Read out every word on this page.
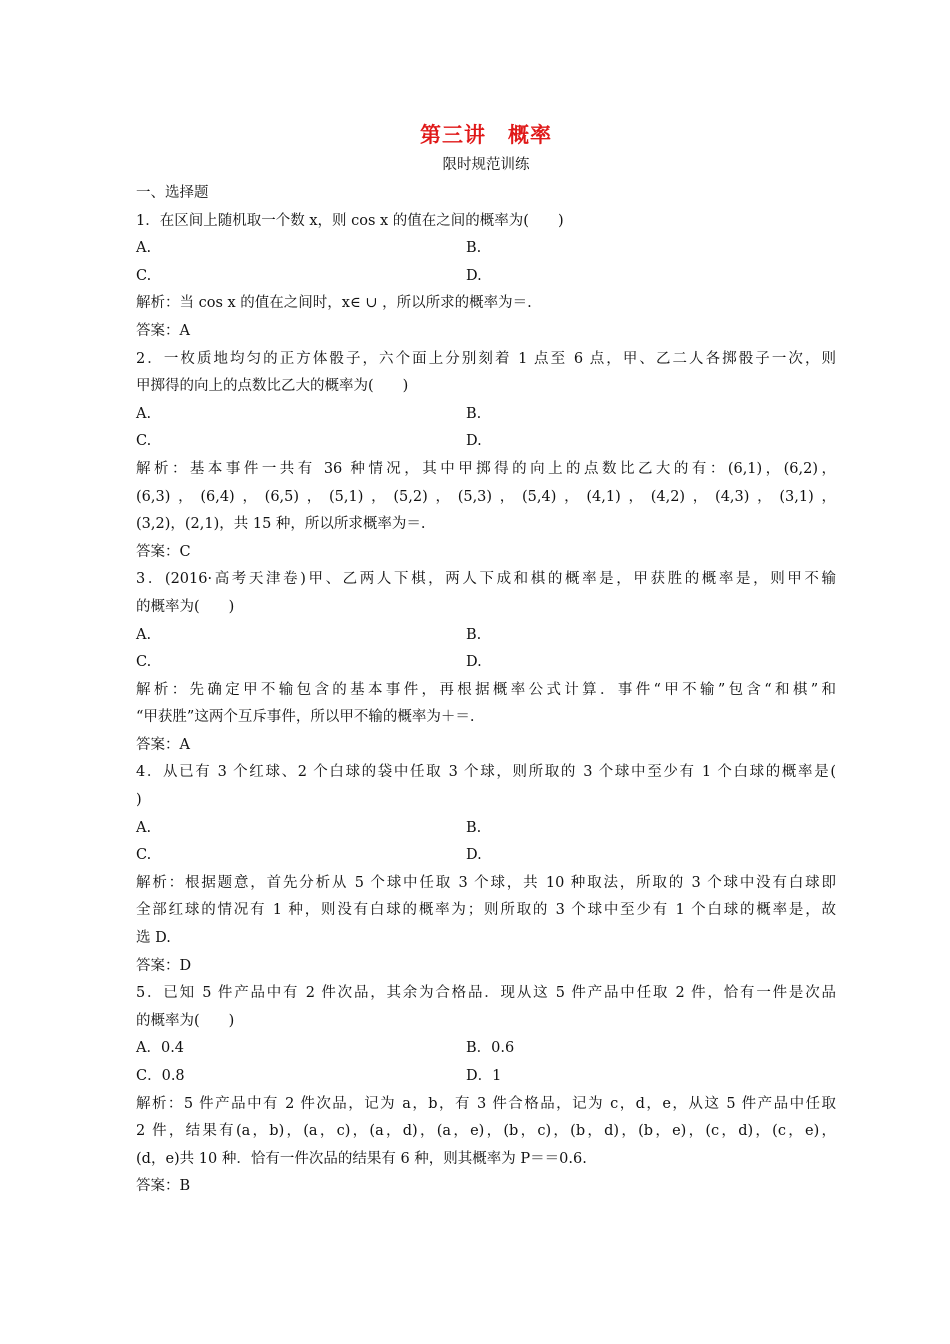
第三讲 概率
限时规范训练
一、选择题
1．在区间上随机取一个数 x，则 cos x 的值在之间的概率为(　　)
A.	B.
C.	D.
解析：当 cos x 的值在之间时，x∈ ∪ ，所以所求的概率为＝.
答案：A
2．一枚质地均匀的正方体骰子，六个面上分别刻着 1 点至 6 点，甲、乙二人各掷骰子一次，则
甲掷得的向上的点数比乙大的概率为(　　)
A.	B.
C.	D.
解析：基本事件一共有 36 种情况，其中甲掷得的向上的点数比乙大的有：(6,1)，(6,2)，
(6,3)，(6,4)，(6,5)，(5,1)，(5,2)，(5,3)，(5,4)，(4,1)，(4,2)，(4,3)，(3,1)，
(3,2)，(2,1)，共 15 种，所以所求概率为＝.
答案：C
3．(2016·高考天津卷)甲、乙两人下棋，两人下成和棋的概率是，甲获胜的概率是，则甲不输
的概率为(　　)
A.	B.
C.	D.
解析：先确定甲不输包含的基本事件，再根据概率公式计算．事件“甲不输”包含“和棋”和
“甲获胜”这两个互斥事件，所以甲不输的概率为＋＝.
答案：A
4．从已有 3 个红球、2 个白球的袋中任取 3 个球，则所取的 3 个球中至少有 1 个白球的概率是(
)
A.	B.
C.	D.
解析：根据题意，首先分析从 5 个球中任取 3 个球，共 10 种取法，所取的 3 个球中没有白球即
全部红球的情况有 1 种，则没有白球的概率为；则所取的 3 个球中至少有 1 个白球的概率是，故
选 D.
答案：D
5．已知 5 件产品中有 2 件次品，其余为合格品．现从这 5 件产品中任取 2 件，恰有一件是次品
的概率为(　　)
A．0.4	B．0.6
C．0.8	D．1
解析：5 件产品中有 2 件次品，记为 a，b，有 3 件合格品，记为 c，d，e，从这 5 件产品中任取
2 件，结果有(a，b)，(a，c)，(a，d)，(a，e)，(b，c)，(b，d)，(b，e)，(c，d)，(c，e)，
(d，e)共 10 种．恰有一件次品的结果有 6 种，则其概率为 P＝＝0.6.
答案：B
